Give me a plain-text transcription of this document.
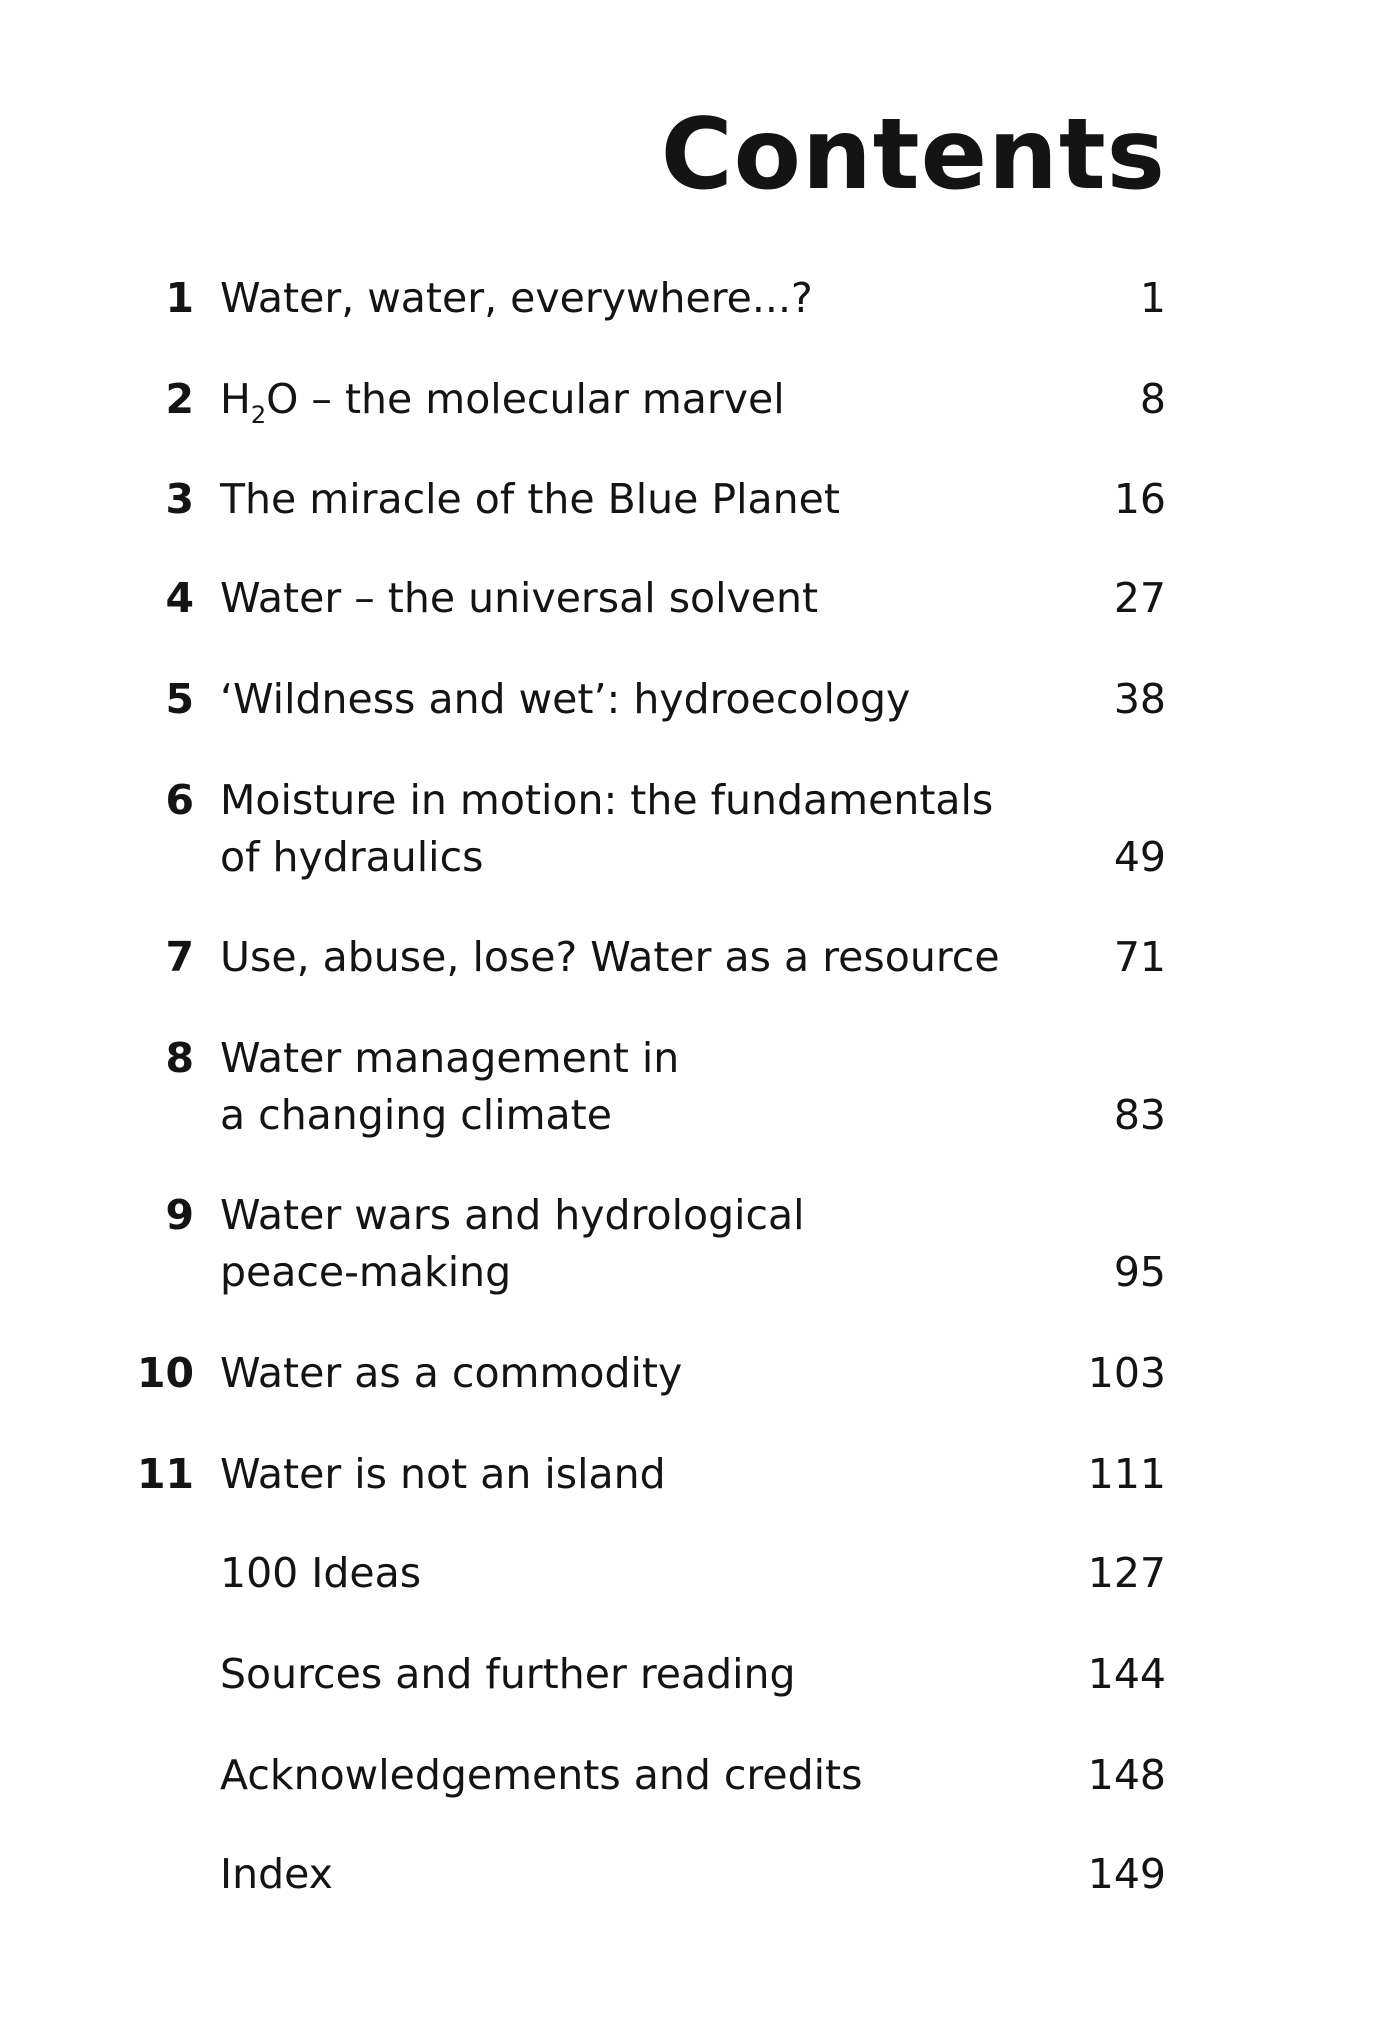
Contents
1 Water, water, everywhere...?	1
2 $H_2O$ – the molecular marvel	8
3 The miracle of the Blue Planet	16
4 Water – the universal solvent	27
5 ‘Wildness and wet’: hydroecology	38
6 Moisture in motion: the fundamentals
of hydraulics	49
7 Use, abuse, lose? Water as a resource	71
8 Water management in
a changing climate	83
9 Water wars and hydrological
peace-making	95
10 Water as a commodity	103
11 Water is not an island	111
100 Ideas	127
Sources and further reading	144
Acknowledgements and credits	148
Index	149
